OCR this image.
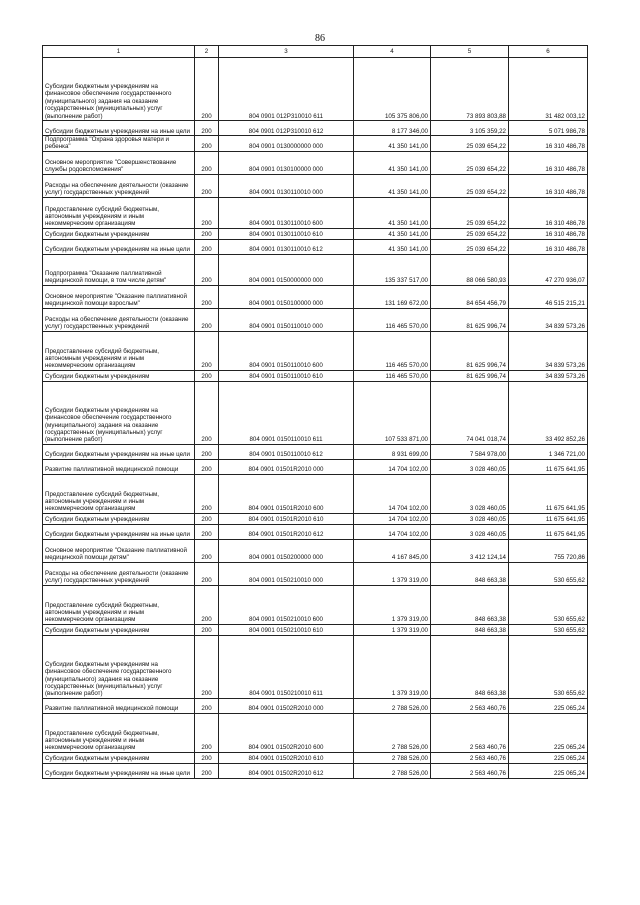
86
1	2	3	4	5	6
Субсидии бюджетным учреждениям на финансовое обеспечение государственного (муниципального) задания на оказание государственных (муниципальных) услуг (выполнение работ)	200	804 0901 012P310010 611	105 375 806,00	73 893 803,88	31 482 003,12
Субсидии бюджетным учреждениям на иные цели	200	804 0901 012P310010 612	8 177 346,00	3 105 359,22	5 071 986,78
Подпрограмма "Охрана здоровья матери и ребенка"	200	804 0901 0130000000 000	41 350 141,00	25 039 654,22	16 310 486,78
Основное мероприятие "Совершенствование службы родовспоможения"	200	804 0901 0130100000 000	41 350 141,00	25 039 654,22	16 310 486,78
Расходы на обеспечение деятельности (оказание услуг) государственных учреждений	200	804 0901 0130110010 000	41 350 141,00	25 039 654,22	16 310 486,78
Предоставление субсидий бюджетным, автономным учреждениям и иным некоммерческим организациям	200	804 0901 0130110010 600	41 350 141,00	25 039 654,22	16 310 486,78
Субсидии бюджетным учреждениям	200	804 0901 0130110010 610	41 350 141,00	25 039 654,22	16 310 486,78
Субсидии бюджетным учреждениям на иные цели	200	804 0901 0130110010 612	41 350 141,00	25 039 654,22	16 310 486,78
Подпрограмма "Оказание паллиативной медицинской помощи, в том числе детям"	200	804 0901 0150000000 000	135 337 517,00	88 066 580,93	47 270 936,07
Основное мероприятие "Оказание паллиативной медицинской помощи взрослым"	200	804 0901 0150100000 000	131 169 672,00	84 654 456,79	46 515 215,21
Расходы на обеспечение деятельности (оказание услуг) государственных учреждений	200	804 0901 0150110010 000	116 465 570,00	81 625 996,74	34 839 573,26
Предоставление субсидий бюджетным, автономным учреждениям и иным некоммерческим организациям	200	804 0901 0150110010 600	116 465 570,00	81 625 996,74	34 839 573,26
Субсидии бюджетным учреждениям	200	804 0901 0150110010 610	116 465 570,00	81 625 996,74	34 839 573,26
Субсидии бюджетным учреждениям на финансовое обеспечение государственного (муниципального) задания на оказание государственных (муниципальных) услуг (выполнение работ)	200	804 0901 0150110010 611	107 533 871,00	74 041 018,74	33 492 852,26
Субсидии бюджетным учреждениям на иные цели	200	804 0901 0150110010 612	8 931 699,00	7 584 978,00	1 346 721,00
Развитие паллиативной медицинской помощи	200	804 0901 01501R2010 000	14 704 102,00	3 028 460,05	11 675 641,95
Предоставление субсидий бюджетным, автономным учреждениям и иным некоммерческим организациям	200	804 0901 01501R2010 600	14 704 102,00	3 028 460,05	11 675 641,95
Субсидии бюджетным учреждениям	200	804 0901 01501R2010 610	14 704 102,00	3 028 460,05	11 675 641,95
Субсидии бюджетным учреждениям на иные цели	200	804 0901 01501R2010 612	14 704 102,00	3 028 460,05	11 675 641,95
Основное мероприятие "Оказание паллиативной медицинской помощи детям"	200	804 0901 0150200000 000	4 167 845,00	3 412 124,14	755 720,86
Расходы на обеспечение деятельности (оказание услуг) государственных учреждений	200	804 0901 0150210010 000	1 379 319,00	848 663,38	530 655,62
Предоставление субсидий бюджетным, автономным учреждениям и иным некоммерческим организациям	200	804 0901 0150210010 600	1 379 319,00	848 663,38	530 655,62
Субсидии бюджетным учреждениям	200	804 0901 0150210010 610	1 379 319,00	848 663,38	530 655,62
Субсидии бюджетным учреждениям на финансовое обеспечение государственного (муниципального) задания на оказание государственных (муниципальных) услуг (выполнение работ)	200	804 0901 0150210010 611	1 379 319,00	848 663,38	530 655,62
Развитие паллиативной медицинской помощи	200	804 0901 01502R2010 000	2 788 526,00	2 563 460,76	225 065,24
Предоставление субсидий бюджетным, автономным учреждениям и иным некоммерческим организациям	200	804 0901 01502R2010 600	2 788 526,00	2 563 460,76	225 065,24
Субсидии бюджетным учреждениям	200	804 0901 01502R2010 610	2 788 526,00	2 563 460,76	225 065,24
Субсидии бюджетным учреждениям на иные цели	200	804 0901 01502R2010 612	2 788 526,00	2 563 460,76	225 065,24
